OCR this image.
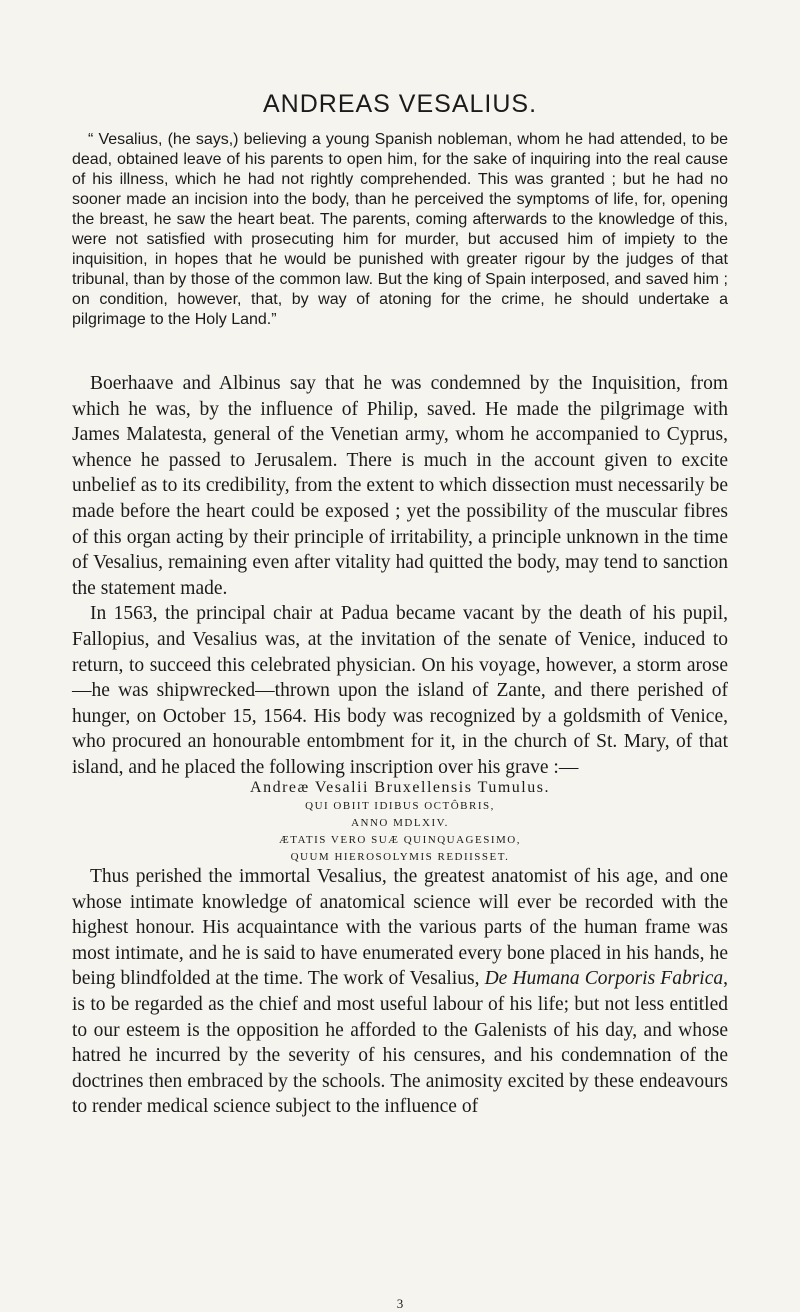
ANDREAS VESALIUS.

“ Vesalius, (he says,) believing a young Spanish nobleman, whom he had attended, to be dead, obtained leave of his parents to open him, for the sake of inquiring into the real cause of his illness, which he had not rightly comprehended. This was granted ; but he had no sooner made an incision into the body, than he perceived the symptoms of life, for, opening the breast, he saw the heart beat. The parents, coming afterwards to the knowledge of this, were not satisfied with prosecuting him for murder, but accused him of impiety to the inquisition, in hopes that he would be punished with greater rigour by the judges of that tribunal, than by those of the common law. But the king of Spain interposed, and saved him ; on condition, however, that, by way of atoning for the crime, he should undertake a pilgrimage to the Holy Land.”

Boerhaave and Albinus say that he was condemned by the Inquisition, from which he was, by the influence of Philip, saved. He made the pilgrimage with James Malatesta, general of the Venetian army, whom he accompanied to Cyprus, whence he passed to Jerusalem. There is much in the account given to excite unbelief as to its credibility, from the extent to which dissection must necessarily be made before the heart could be exposed ; yet the possibility of the muscular fibres of this organ acting by their principle of irritability, a principle unknown in the time of Vesalius, remaining even after vitality had quitted the body, may tend to sanction the statement made.

In 1563, the principal chair at Padua became vacant by the death of his pupil, Fallopius, and Vesalius was, at the invitation of the senate of Venice, induced to return, to succeed this celebrated physician. On his voyage, however, a storm arose—he was shipwrecked—thrown upon the island of Zante, and there perished of hunger, on October 15, 1564. His body was recognized by a goldsmith of Venice, who procured an honourable entombment for it, in the church of St. Mary, of that island, and he placed the following inscription over his grave :—

Andreæ Vesalii Bruxellensis Tumulus.
QUI OBIIT IDIBUS OCTÔBRIS,
ANNO MDLXIV.
ÆTATIS VERO SUÆ QUINQUAGESIMO,
QUUM HIEROSOLYMIS REDIISSET.

Thus perished the immortal Vesalius, the greatest anatomist of his age, and one whose intimate knowledge of anatomical science will ever be recorded with the highest honour. His acquaintance with the various parts of the human frame was most intimate, and he is said to have enumerated every bone placed in his hands, he being blindfolded at the time. The work of Vesalius, De Humana Corporis Fabrica, is to be regarded as the chief and most useful labour of his life; but not less entitled to our esteem is the opposition he afforded to the Galenists of his day, and whose hatred he incurred by the severity of his censures, and his condemnation of the doctrines then embraced by the schools. The animosity excited by these endeavours to render medical science subject to the influence of

3
